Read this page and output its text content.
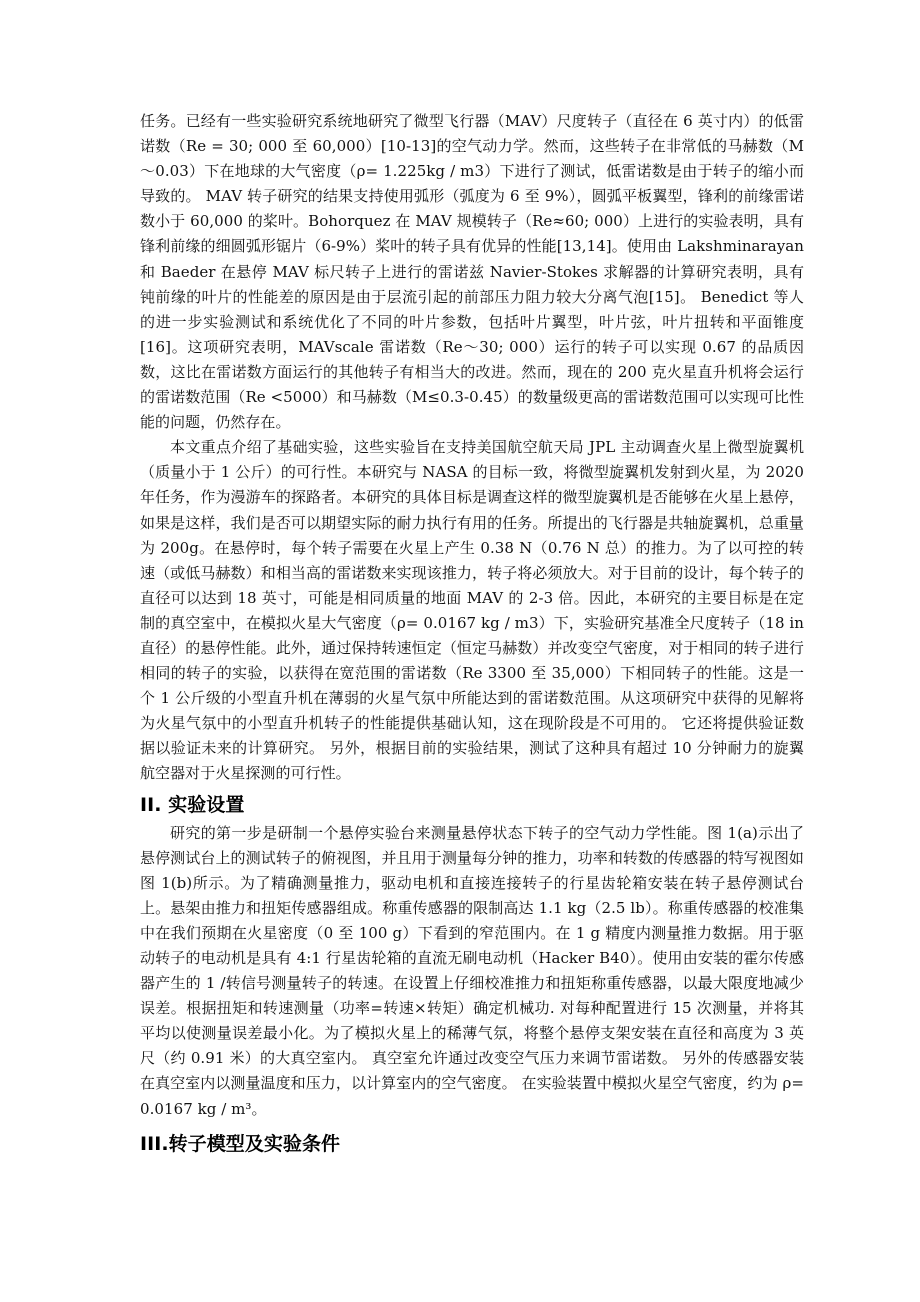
任务。已经有一些实验研究系统地研究了微型飞行器（MAV）尺度转子（直径在 6 英寸内）的低雷诺数（Re = 30; 000 至 60,000）[10-13]的空气动力学。然而，这些转子在非常低的马赫数（M～0.03）下在地球的大气密度（ρ= 1.225kg / m3）下进行了测试，低雷诺数是由于转子的缩小而导致的。 MAV 转子研究的结果支持使用弧形（弧度为 6 至 9%），圆弧平板翼型，锋利的前缘雷诺数小于 60,000 的桨叶。Bohorquez 在 MAV 规模转子（Re≈60; 000）上进行的实验表明，具有锋利前缘的细圆弧形锯片（6-9%）桨叶的转子具有优异的性能[13,14]。使用由 Lakshminarayan 和 Baeder 在悬停 MAV 标尺转子上进行的雷诺兹 Navier-Stokes 求解器的计算研究表明，具有钝前缘的叶片的性能差的原因是由于层流引起的前部压力阻力较大分离气泡[15]。 Benedict 等人的进一步实验测试和系统优化了不同的叶片参数，包括叶片翼型，叶片弦，叶片扭转和平面锥度[16]。这项研究表明，MAVscale 雷诺数（Re～30; 000）运行的转子可以实现 0.67 的品质因数，这比在雷诺数方面运行的其他转子有相当大的改进。然而，现在的 200 克火星直升机将会运行的雷诺数范围（Re <5000）和马赫数（M≤0.3-0.45）的数量级更高的雷诺数范围可以实现可比性能的问题，仍然存在。

本文重点介绍了基础实验，这些实验旨在支持美国航空航天局 JPL 主动调查火星上微型旋翼机（质量小于 1 公斤）的可行性。本研究与 NASA 的目标一致，将微型旋翼机发射到火星，为 2020 年任务，作为漫游车的探路者。本研究的具体目标是调查这样的微型旋翼机是否能够在火星上悬停，如果是这样，我们是否可以期望实际的耐力执行有用的任务。所提出的飞行器是共轴旋翼机，总重量为 200g。在悬停时，每个转子需要在火星上产生 0.38 N（0.76 N 总）的推力。为了以可控的转速（或低马赫数）和相当高的雷诺数来实现该推力，转子将必须放大。对于目前的设计，每个转子的直径可以达到 18 英寸，可能是相同质量的地面 MAV 的 2-3 倍。因此，本研究的主要目标是在定制的真空室中，在模拟火星大气密度（ρ= 0.0167 kg / m3）下，实验研究基准全尺度转子（18 in 直径）的悬停性能。此外，通过保持转速恒定（恒定马赫数）并改变空气密度，对于相同的转子进行相同的转子的实验，以获得在宽范围的雷诺数（Re 3300 至 35,000）下相同转子的性能。这是一个 1 公斤级的小型直升机在薄弱的火星气氛中所能达到的雷诺数范围。从这项研究中获得的见解将为火星气氛中的小型直升机转子的性能提供基础认知，这在现阶段是不可用的。 它还将提供验证数据以验证未来的计算研究。 另外，根据目前的实验结果，测试了这种具有超过 10 分钟耐力的旋翼航空器对于火星探测的可行性。

II. 实验设置

研究的第一步是研制一个悬停实验台来测量悬停状态下转子的空气动力学性能。图 1(a)示出了悬停测试台上的测试转子的俯视图，并且用于测量每分钟的推力，功率和转数的传感器的特写视图如图 1(b)所示。为了精确测量推力，驱动电机和直接连接转子的行星齿轮箱安装在转子悬停测试台上。悬架由推力和扭矩传感器组成。称重传感器的限制高达 1.1 kg（2.5 lb）。称重传感器的校准集中在我们预期在火星密度（0 至 100 g）下看到的窄范围内。在 1 g 精度内测量推力数据。用于驱动转子的电动机是具有 4:1 行星齿轮箱的直流无刷电动机（Hacker B40）。使用由安装的霍尔传感器产生的 1 /转信号测量转子的转速。在设置上仔细校准推力和扭矩称重传感器，以最大限度地减少误差。根据扭矩和转速测量（功率=转速×转矩）确定机械功. 对每种配置进行 15 次测量，并将其平均以使测量误差最小化。为了模拟火星上的稀薄气氛，将整个悬停支架安装在直径和高度为 3 英尺（约 0.91 米）的大真空室内。 真空室允许通过改变空气压力来调节雷诺数。 另外的传感器安装在真空室内以测量温度和压力，以计算室内的空气密度。 在实验装置中模拟火星空气密度，约为 ρ= 0.0167 kg / m³。

III.转子模型及实验条件
